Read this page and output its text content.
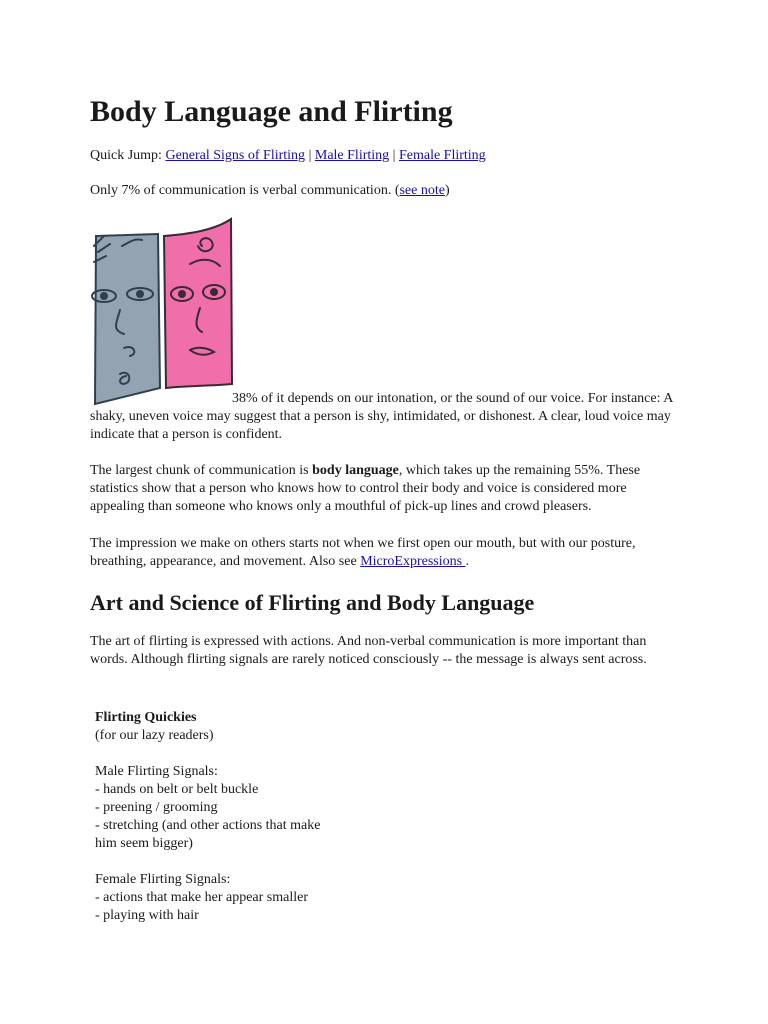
Body Language and Flirting

Quick Jump: General Signs of Flirting | Male Flirting | Female Flirting

Only 7% of communication is verbal communication. (see note)

38% of it depends on our intonation, or the sound of our voice. For instance: A shaky, uneven voice may suggest that a person is shy, intimidated, or dishonest. A clear, loud voice may indicate that a person is confident.

The largest chunk of communication is body language, which takes up the remaining 55%. These statistics show that a person who knows how to control their body and voice is considered more appealing than someone who knows only a mouthful of pick-up lines and crowd pleasers.

The impression we make on others starts not when we first open our mouth, but with our posture, breathing, appearance, and movement. Also see MicroExpressions .

Art and Science of Flirting and Body Language

The art of flirting is expressed with actions. And non-verbal communication is more important than words. Although flirting signals are rarely noticed consciously -- the message is always sent across.

Flirting Quickies
(for our lazy readers)
Male Flirting Signals:
- hands on belt or belt buckle
- preening / grooming
- stretching (and other actions that make
him seem bigger)
Female Flirting Signals:
- actions that make her appear smaller
- playing with hair
